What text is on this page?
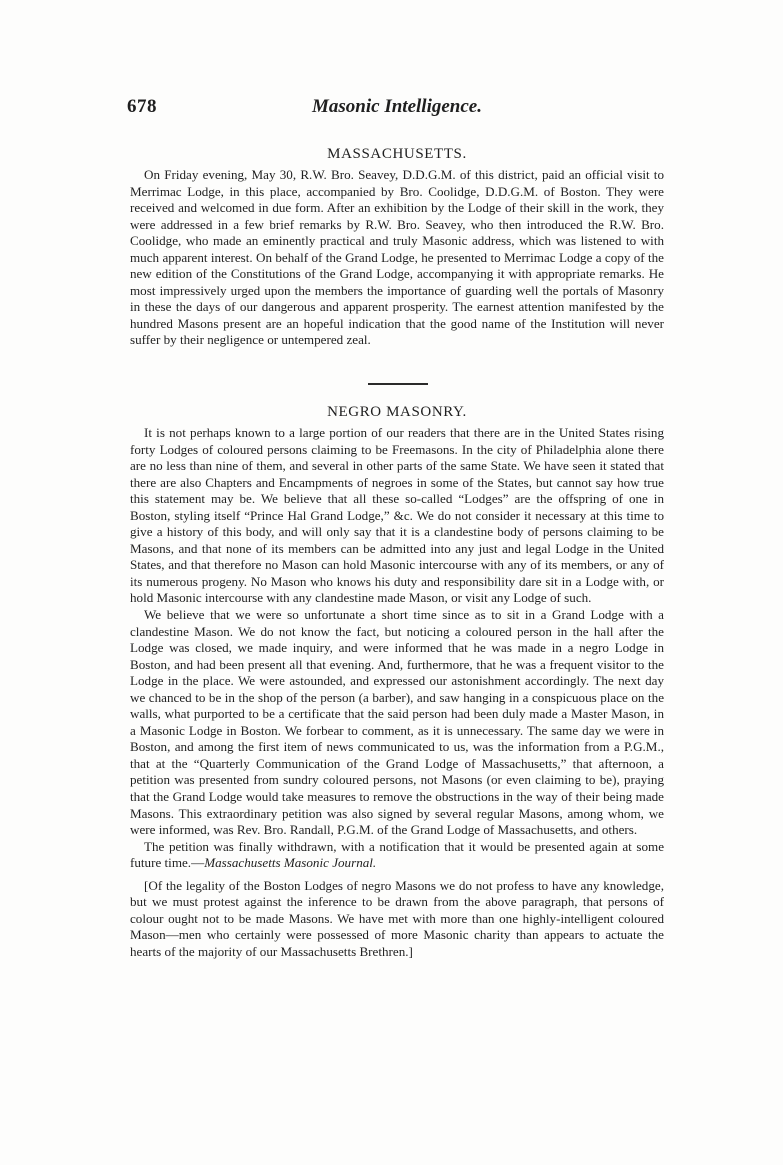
678	Masonic Intelligence.
MASSACHUSETTS.

On Friday evening, May 30, R.W. Bro. Seavey, D.D.G.M. of this district, paid an official visit to Merrimac Lodge, in this place, accompanied by Bro. Coolidge, D.D.G.M. of Boston. They were received and welcomed in due form. After an exhibition by the Lodge of their skill in the work, they were addressed in a few brief remarks by R.W. Bro. Seavey, who then introduced the R.W. Bro. Coolidge, who made an eminently practical and truly Masonic address, which was listened to with much apparent interest. On behalf of the Grand Lodge, he presented to Merrimac Lodge a copy of the new edition of the Constitutions of the Grand Lodge, accompanying it with appropriate remarks. He most impressively urged upon the members the importance of guarding well the portals of Masonry in these the days of our dangerous and apparent prosperity. The earnest attention manifested by the hundred Masons present are an hopeful indication that the good name of the Institution will never suffer by their negligence or untempered zeal.

NEGRO MASONRY.

It is not perhaps known to a large portion of our readers that there are in the United States rising forty Lodges of coloured persons claiming to be Freemasons. In the city of Philadelphia alone there are no less than nine of them, and several in other parts of the same State. We have seen it stated that there are also Chapters and Encampments of negroes in some of the States, but cannot say how true this statement may be. We believe that all these so-called “Lodges” are the offspring of one in Boston, styling itself “Prince Hal Grand Lodge,” &c. We do not consider it necessary at this time to give a history of this body, and will only say that it is a clandestine body of persons claiming to be Masons, and that none of its members can be admitted into any just and legal Lodge in the United States, and that therefore no Mason can hold Masonic intercourse with any of its members, or any of its numerous progeny. No Mason who knows his duty and responsibility dare sit in a Lodge with, or hold Masonic intercourse with any clandestine made Mason, or visit any Lodge of such.

We believe that we were so unfortunate a short time since as to sit in a Grand Lodge with a clandestine Mason. We do not know the fact, but noticing a coloured person in the hall after the Lodge was closed, we made inquiry, and were informed that he was made in a negro Lodge in Boston, and had been present all that evening. And, furthermore, that he was a frequent visitor to the Lodge in the place. We were astounded, and expressed our astonishment accordingly. The next day we chanced to be in the shop of the person (a barber), and saw hanging in a conspicuous place on the walls, what purported to be a certificate that the said person had been duly made a Master Mason, in a Masonic Lodge in Boston. We forbear to comment, as it is unnecessary. The same day we were in Boston, and among the first item of news communicated to us, was the information from a P.G.M., that at the “Quarterly Communication of the Grand Lodge of Massachusetts,” that afternoon, a petition was presented from sundry coloured persons, not Masons (or even claiming to be), praying that the Grand Lodge would take measures to remove the obstructions in the way of their being made Masons. This extraordinary petition was also signed by several regular Masons, among whom, we were informed, was Rev. Bro. Randall, P.G.M. of the Grand Lodge of Massachusetts, and others.

The petition was finally withdrawn, with a notification that it would be presented again at some future time.—Massachusetts Masonic Journal.

[Of the legality of the Boston Lodges of negro Masons we do not profess to have any knowledge, but we must protest against the inference to be drawn from the above paragraph, that persons of colour ought not to be made Masons. We have met with more than one highly-intelligent coloured Mason—men who certainly were possessed of more Masonic charity than appears to actuate the hearts of the majority of our Massachusetts Brethren.]
